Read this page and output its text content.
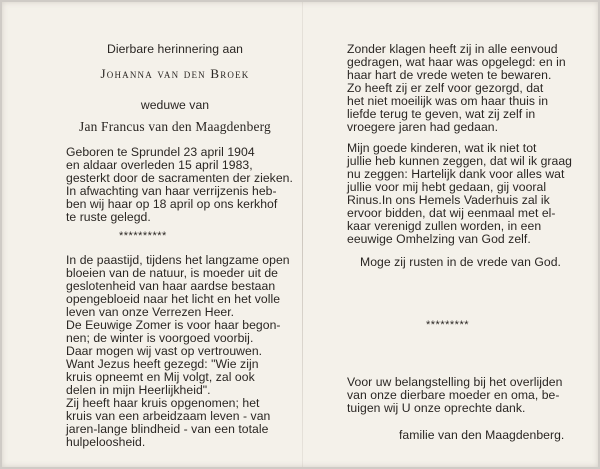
Dierbare herinnering aan
Johanna van den Broek
weduwe van
Jan Francus van den Maagdenberg
Geboren te Sprundel 23 april 1904
en aldaar overleden 15 april 1983,
gesterkt door de sacramenten der zieken.
In afwachting van haar verrijzenis heb-
ben wij haar op 18 april op ons kerkhof
te ruste gelegd.
**********
In de paastijd, tijdens het langzame open
bloeien van de natuur, is moeder uit de
geslotenheid van haar aardse bestaan
opengebloeid naar het licht en het volle
leven van onze Verrezen Heer.
De Eeuwige Zomer is voor haar begon-
nen; de winter is voorgoed voorbij.
Daar mogen wij vast op vertrouwen.
Want Jezus heeft gezegd: "Wie zijn
kruis opneemt en Mij volgt, zal ook
delen in mijn Heerlijkheid".
Zij heeft haar kruis opgenomen; het
kruis van een arbeidzaam leven - van
jaren-lange blindheid - van een totale
hulpeloosheid.
Zonder klagen heeft zij in alle eenvoud
gedragen, wat haar was opgelegd: en in
haar hart de vrede weten te bewaren.
Zo heeft zij er zelf voor gezorgd, dat
het niet moeilijk was om haar thuis in
liefde terug te geven, wat zij zelf in
vroegere jaren had gedaan.
Mijn goede kinderen, wat ik niet tot
jullie heb kunnen zeggen, dat wil ik graag
nu zeggen: Hartelijk dank voor alles wat
jullie voor mij hebt gedaan, gij vooral
Rinus.In ons Hemels Vaderhuis zal ik
ervoor bidden, dat wij eenmaal met el-
kaar verenigd zullen worden, in een
eeuwige Omhelzing van God zelf.
Moge zij rusten in de vrede van God.
*********
Voor uw belangstelling bij het overlijden
van onze dierbare moeder en oma, be-
tuigen wij U onze oprechte dank.
familie van den Maagdenberg.
